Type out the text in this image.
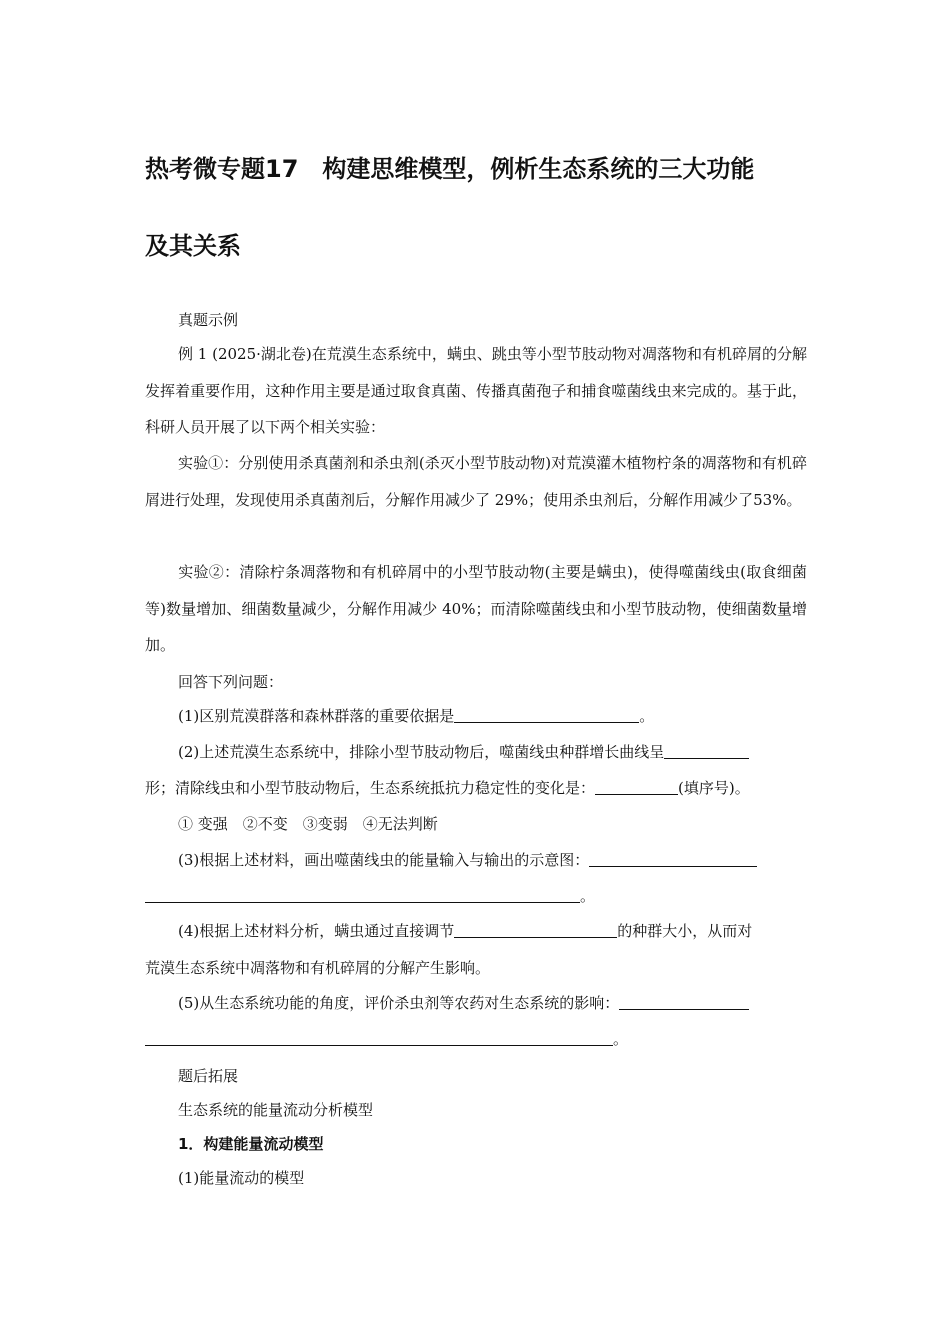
热考微专题17　构建思维模型，例析生态系统的三大功能
及其关系
真题示例
例 1 (2025·湖北卷)在荒漠生态系统中，螨虫、跳虫等小型节肢动物对凋落物和有机碎屑的分解发挥着重要作用，这种作用主要是通过取食真菌、传播真菌孢子和捕食噬菌线虫来完成的。基于此，科研人员开展了以下两个相关实验：
实验①：分别使用杀真菌剂和杀虫剂(杀灭小型节肢动物)对荒漠灌木植物柠条的凋落物和有机碎屑进行处理，发现使用杀真菌剂后，分解作用减少了 29%；使用杀虫剂后，分解作用减少了53%。
实验②：清除柠条凋落物和有机碎屑中的小型节肢动物(主要是螨虫)，使得噬菌线虫(取食细菌等)数量增加、细菌数量减少，分解作用减少 40%；而清除噬菌线虫和小型节肢动物，使细菌数量增加。
回答下列问题：
(1)区别荒漠群落和森林群落的重要依据是	。
(2)上述荒漠生态系统中，排除小型节肢动物后，噬菌线虫种群增长曲线呈
形；清除线虫和小型节肢动物后，生态系统抵抗力稳定性的变化是：	(填序号)。
① 变强　②不变　③变弱　④无法判断
(3)根据上述材料，画出噬菌线虫的能量输入与输出的示意图：
。
(4)根据上述材料分析，螨虫通过直接调节	的种群大小，从而对
荒漠生态系统中凋落物和有机碎屑的分解产生影响。
(5)从生态系统功能的角度，评价杀虫剂等农药对生态系统的影响：
。
题后拓展
生态系统的能量流动分析模型
1．构建能量流动模型
(1)能量流动的模型
